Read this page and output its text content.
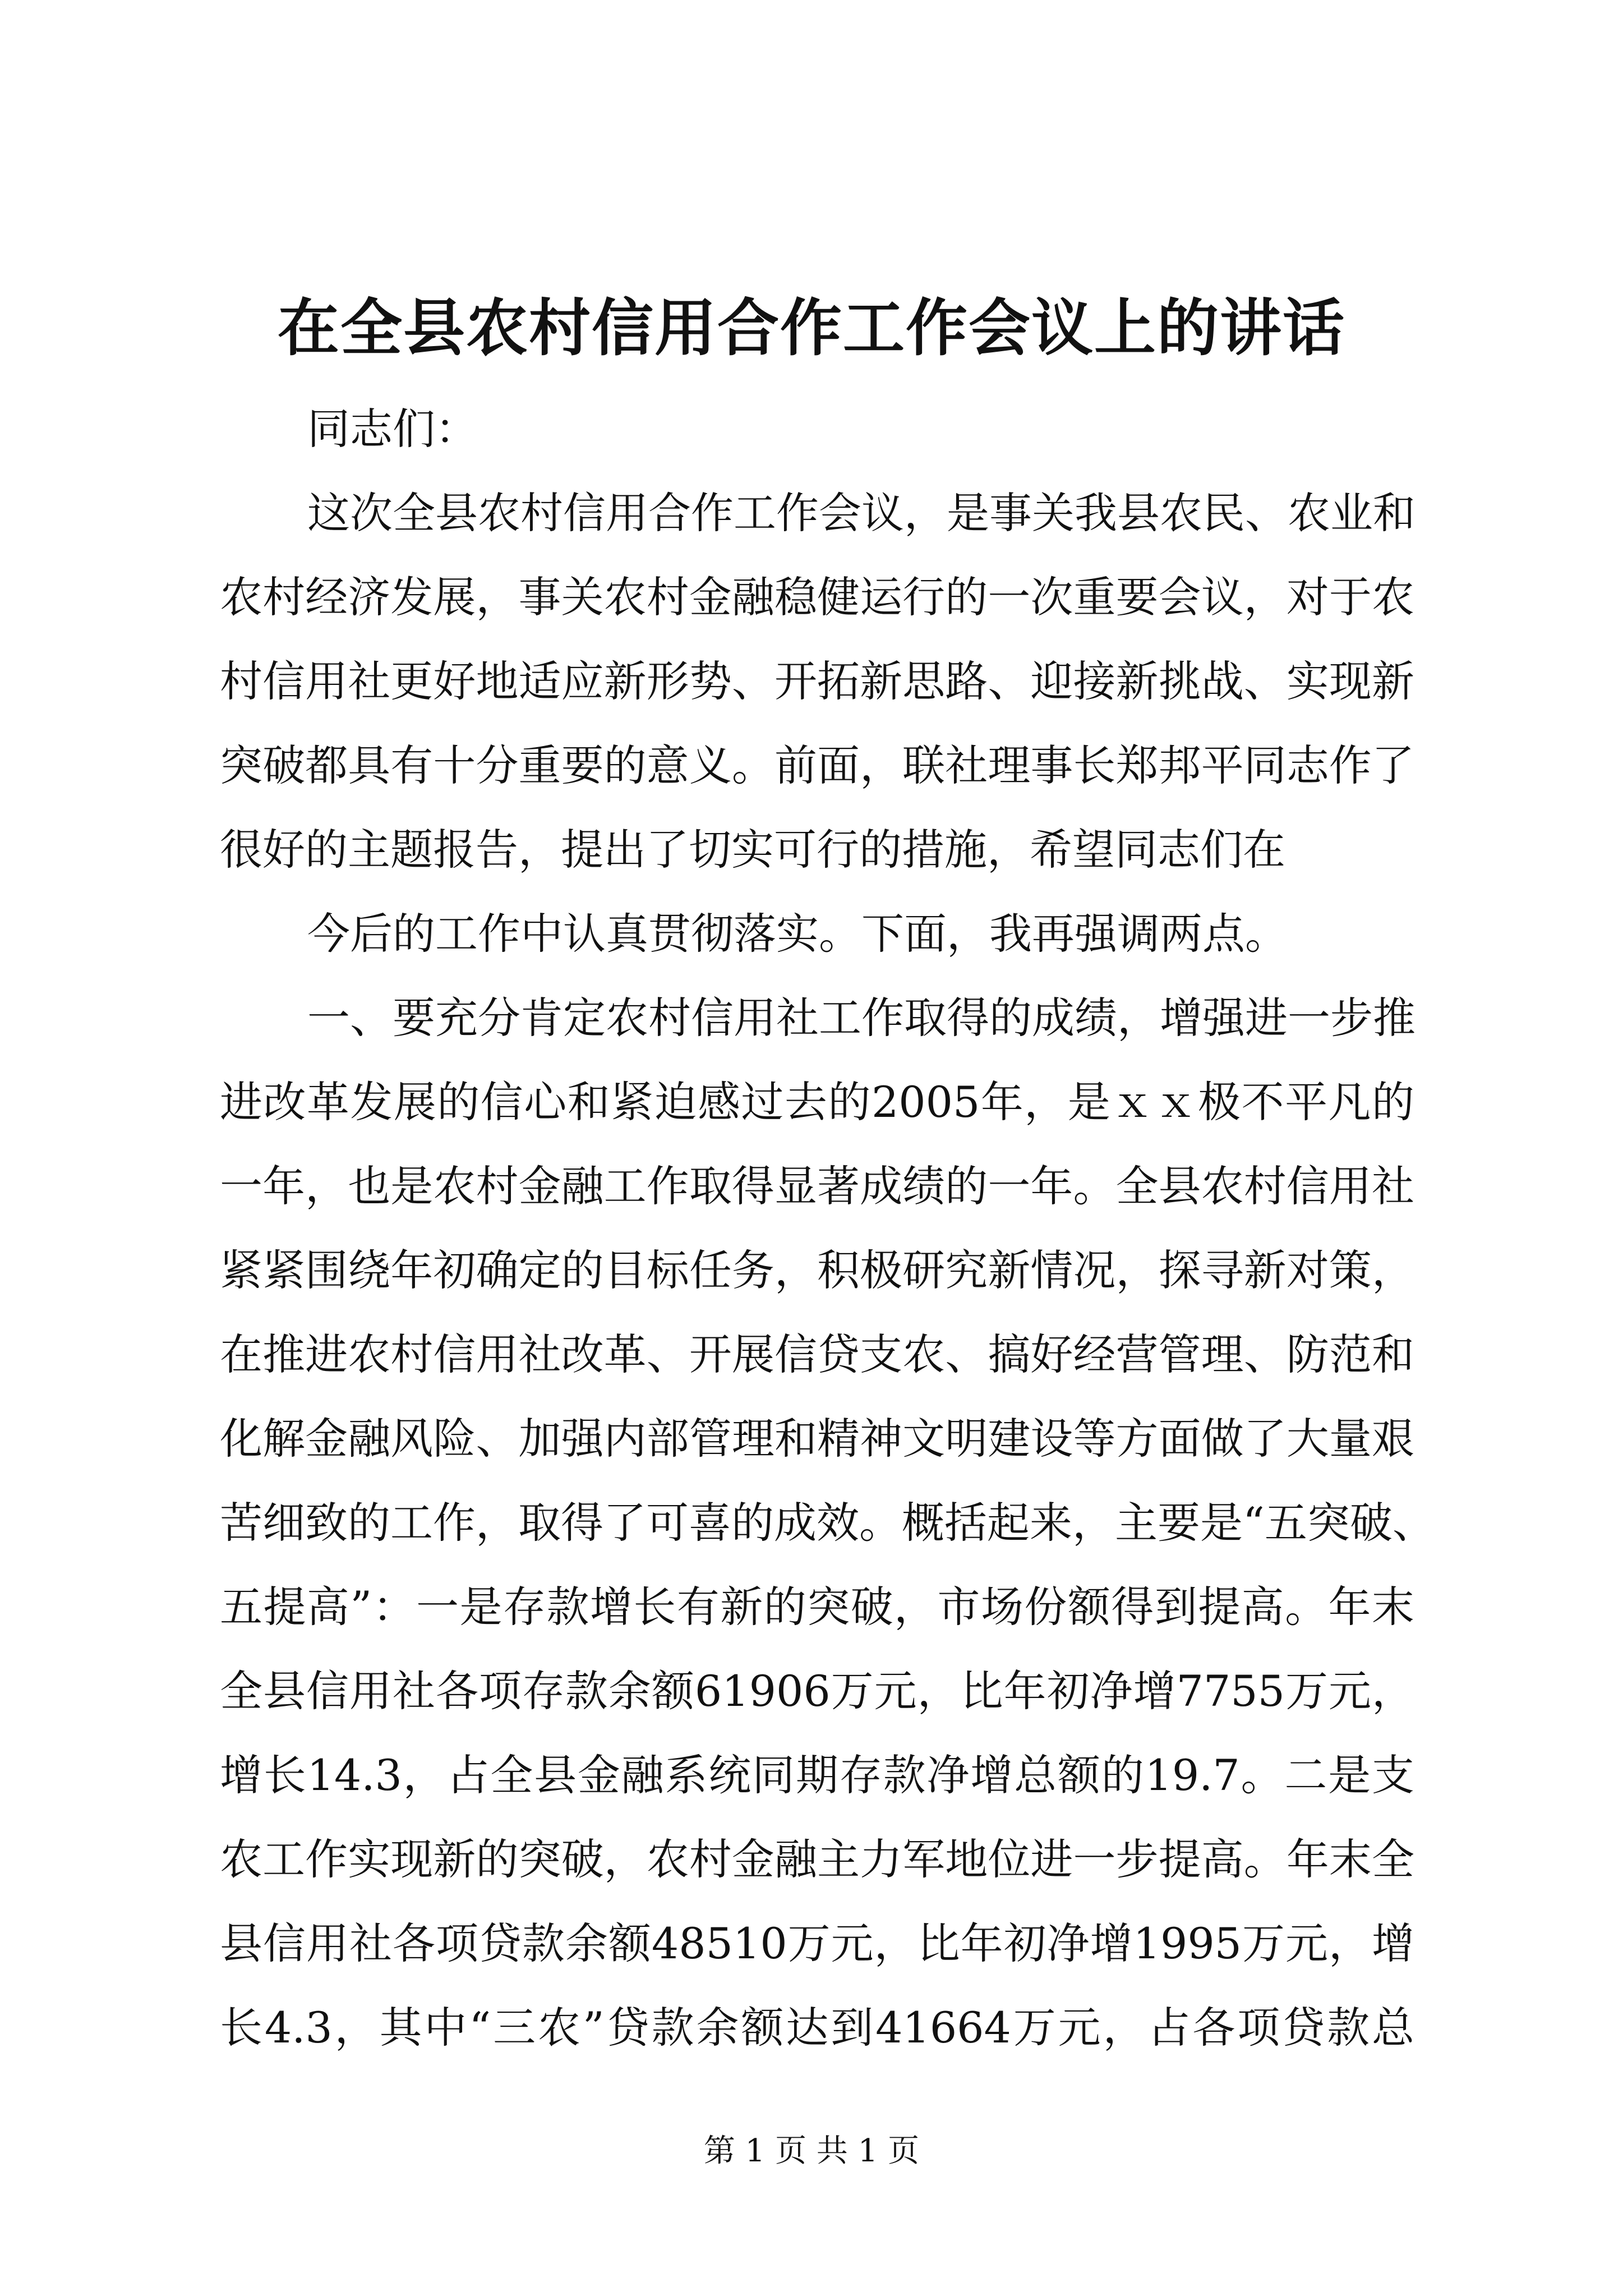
在全县农村信用合作工作会议上的讲话
同志们：
这次全县农村信用合作工作会议，是事关我县农民、农业和
农村经济发展，事关农村金融稳健运行的一次重要会议，对于农
村信用社更好地适应新形势、开拓新思路、迎接新挑战、实现新
突破都具有十分重要的意义。前面，联社理事长郑邦平同志作了
很好的主题报告，提出了切实可行的措施，希望同志们在
今后的工作中认真贯彻落实。下面，我再强调两点。
一、要充分肯定农村信用社工作取得的成绩，增强进一步推
进改革发展的信心和紧迫感过去的2005年，是ｘｘ极不平凡的
一年，也是农村金融工作取得显著成绩的一年。全县农村信用社
紧紧围绕年初确定的目标任务，积极研究新情况，探寻新对策，
在推进农村信用社改革、开展信贷支农、搞好经营管理、防范和
化解金融风险、加强内部管理和精神文明建设等方面做了大量艰
苦细致的工作，取得了可喜的成效。概括起来，主要是“五突破、
五提高”：一是存款增长有新的突破，市场份额得到提高。年末
全县信用社各项存款余额61906万元，比年初净增7755万元，
增长14.3，占全县金融系统同期存款净增总额的19.7。二是支
农工作实现新的突破，农村金融主力军地位进一步提高。年末全
县信用社各项贷款余额48510万元，比年初净增1995万元，增
长4.3，其中“三农”贷款余额达到41664万元，占各项贷款总
第 1 页 共 1 页
